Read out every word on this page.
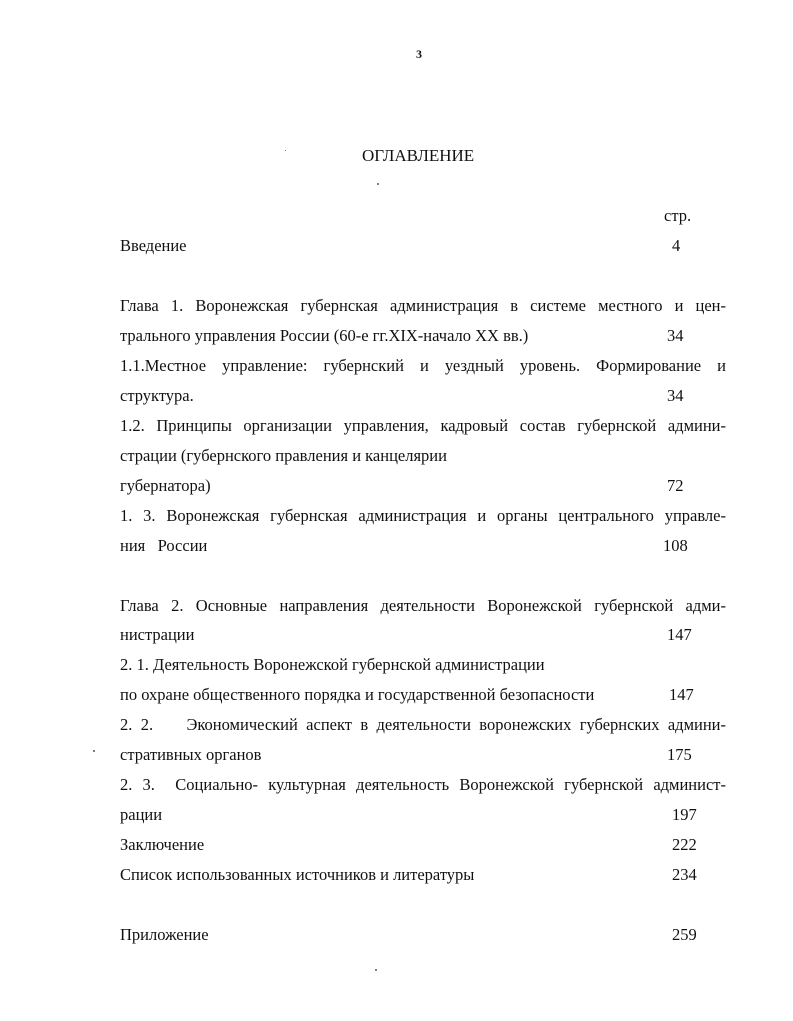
3
ОГЛАВЛЕНИЕ
стр.
Введение	4
Глава 1. Воронежская губернская администрация в системе местного и цен-
трального управления России (60-е гг.XIX-начало XX вв.)	34
1.1.Местное управление: губернский и уездный уровень. Формирование и
структура.	34
1.2. Принципы организации управления, кадровый состав губернской админи-
страции (губернского правления и канцелярии
губернатора)	72
1. 3. Воронежская губернская администрация и органы центрального управле-
ния   России	108
Глава 2. Основные направления деятельности Воронежской губернской адми-
нистрации	147
2. 1. Деятельность Воронежской губернской администрации
по охране общественного порядка и государственной безопасности	147
2. 2.    Экономический аспект в деятельности воронежских губернских админи-
стративных органов	175
2. 3.  Социально- культурная деятельность Воронежской губернской админист-
рации	197
Заключение	222
Список использованных источников и литературы	234
Приложение	259
